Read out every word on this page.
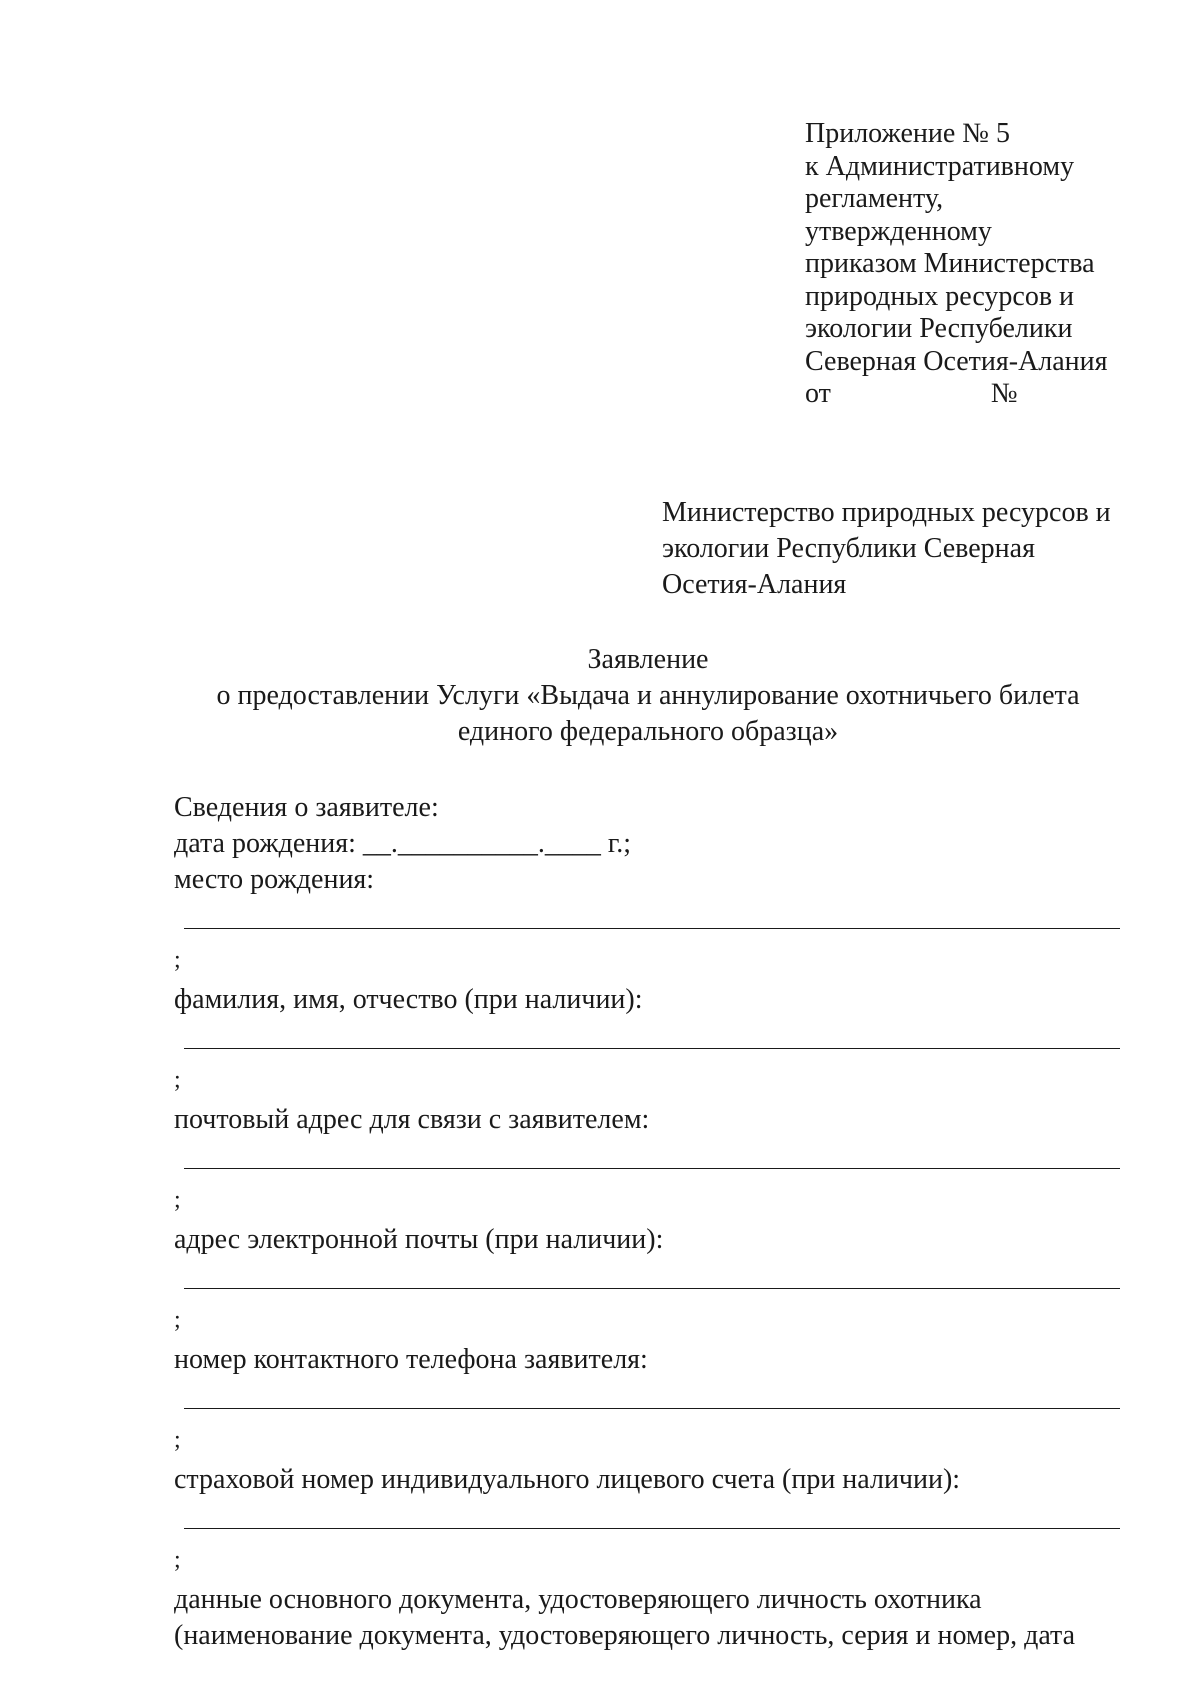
Приложение № 5
к Административному
регламенту,
утвержденному
приказом Министерства
природных ресурсов и
экологии Респубелики
Северная Осетия-Алания
от	№
Министерство природных ресурсов и
экологии Республики Северная
Осетия-Алания
Заявление
о предоставлении Услуги «Выдача и аннулирование охотничьего билета
единого федерального образца»
Сведения о заявителе:
дата рождения: __.__________.____ г.;
место рождения:
;
фамилия, имя, отчество (при наличии):
;
почтовый адрес для связи с заявителем:
;
адрес электронной почты (при наличии):
;
номер контактного телефона заявителя:
;
страховой номер индивидуального лицевого счета (при наличии):
;
данные основного документа, удостоверяющего личность охотника
(наименование документа, удостоверяющего личность, серия и номер, дата
